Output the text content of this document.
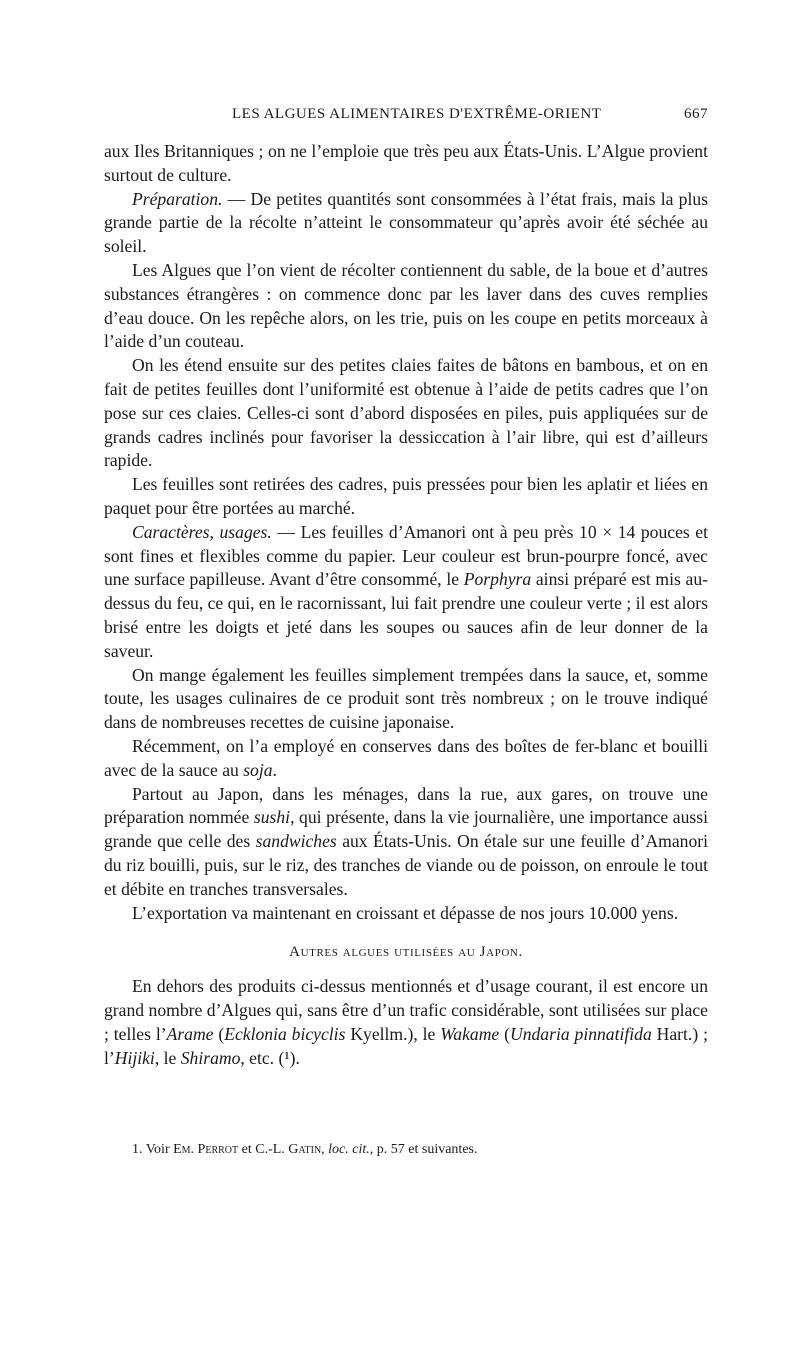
LES ALGUES ALIMENTAIRES D'EXTRÊME-ORIENT	667

aux Iles Britanniques ; on ne l’emploie que très peu aux États-Unis. L’Algue provient surtout de culture.

Préparation. — De petites quantités sont consommées à l’état frais, mais la plus grande partie de la récolte n’atteint le consommateur qu’après avoir été séchée au soleil.

Les Algues que l’on vient de récolter contiennent du sable, de la boue et d’autres substances étrangères : on commence donc par les laver dans des cuves remplies d’eau douce. On les repêche alors, on les trie, puis on les coupe en petits morceaux à l’aide d’un couteau.

On les étend ensuite sur des petites claies faites de bâtons en bambous, et on en fait de petites feuilles dont l’uniformité est obtenue à l’aide de petits cadres que l’on pose sur ces claies. Celles-ci sont d’abord disposées en piles, puis appliquées sur de grands cadres inclinés pour favoriser la dessiccation à l’air libre, qui est d’ailleurs rapide.

Les feuilles sont retirées des cadres, puis pressées pour bien les aplatir et liées en paquet pour être portées au marché.

Caractères, usages. — Les feuilles d’Amanori ont à peu près 10 × 14 pouces et sont fines et flexibles comme du papier. Leur couleur est brun-pourpre foncé, avec une surface papilleuse. Avant d’être consommé, le Porphyra ainsi préparé est mis au-dessus du feu, ce qui, en le racornissant, lui fait prendre une couleur verte ; il est alors brisé entre les doigts et jeté dans les soupes ou sauces afin de leur donner de la saveur.

On mange également les feuilles simplement trempées dans la sauce, et, somme toute, les usages culinaires de ce produit sont très nombreux ; on le trouve indiqué dans de nombreuses recettes de cuisine japonaise.

Récemment, on l’a employé en conserves dans des boîtes de fer-blanc et bouilli avec de la sauce au soja.

Partout au Japon, dans les ménages, dans la rue, aux gares, on trouve une préparation nommée sushi, qui présente, dans la vie journalière, une importance aussi grande que celle des sandwiches aux États-Unis. On étale sur une feuille d’Amanori du riz bouilli, puis, sur le riz, des tranches de viande ou de poisson, on enroule le tout et débite en tranches transversales.

L’exportation va maintenant en croissant et dépasse de nos jours 10.000 yens.

Autres algues utilisées au Japon.

En dehors des produits ci-dessus mentionnés et d’usage courant, il est encore un grand nombre d’Algues qui, sans être d’un trafic considérable, sont utilisées sur place ; telles l’Arame (Ecklonia bicyclis Kyellm.), le Wakame (Undaria pinnatifida Hart.) ; l’Hijiki, le Shiramo, etc. (¹).

1. Voir Em. Perrot et C.-L. Gatin, loc. cit., p. 57 et suivantes.
